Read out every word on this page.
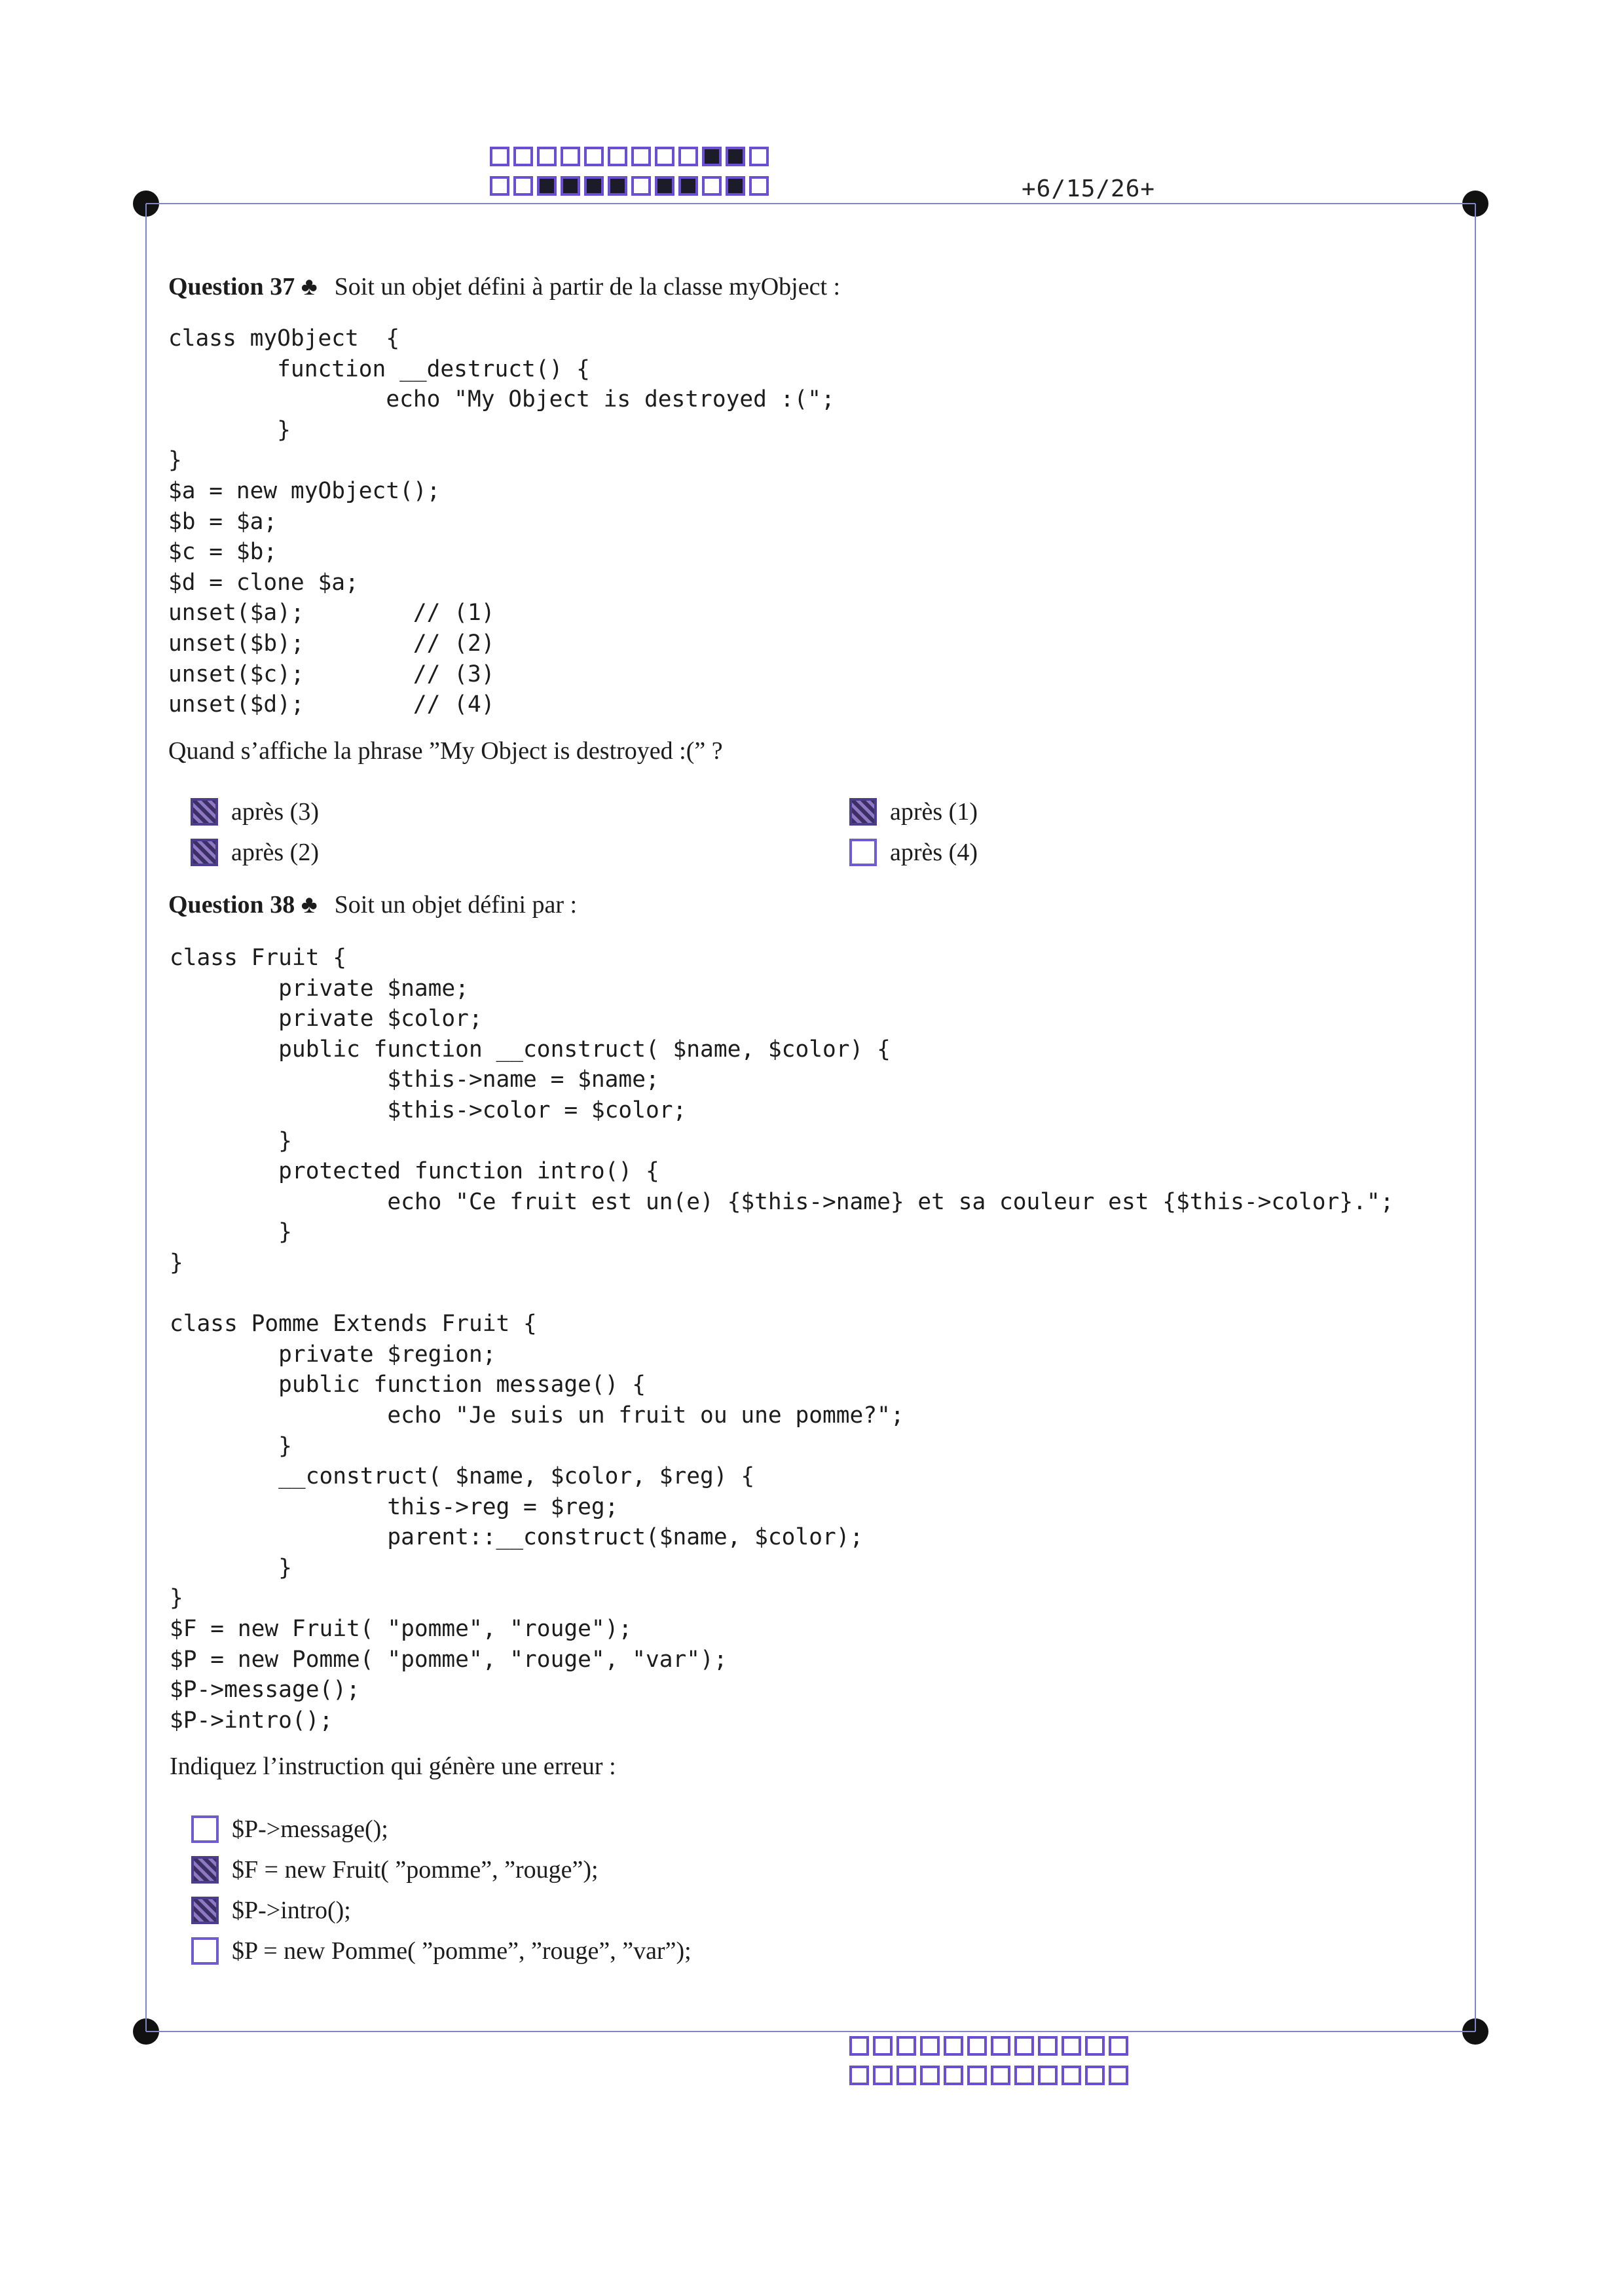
+6/15/26+
Question 37 ♣ Soit un objet défini à partir de la classe myObject :
class myObject  {
function __destruct() {
echo "My Object is destroyed :(";
}
}
$a = new myObject();
$b = $a;
$c = $b;
$d = clone $a;
unset($a);        // (1)
unset($b);        // (2)
unset($c);        // (3)
unset($d);        // (4)
Quand s’affiche la phrase ”My Object is destroyed :(” ?
après (3)
après (2)
après (1)
après (4)
Question 38 ♣ Soit un objet défini par :
class Fruit {
private $name;
private $color;
public function __construct( $name, $color) {
$this->name = $name;
$this->color = $color;
}
protected function intro() {
echo "Ce fruit est un(e) {$this->name} et sa couleur est {$this->color}.";
}
}

class Pomme Extends Fruit {
private $region;
public function message() {
echo "Je suis un fruit ou une pomme?";
}
__construct( $name, $color, $reg) {
this->reg = $reg;
parent::__construct($name, $color);
}
}
$F = new Fruit( "pomme", "rouge");
$P = new Pomme( "pomme", "rouge", "var");
$P->message();
$P->intro();
Indiquez l’instruction qui génère une erreur :
$P->message();
$F = new Fruit( ”pomme”, ”rouge”);
$P->intro();
$P = new Pomme( ”pomme”, ”rouge”, ”var”);
